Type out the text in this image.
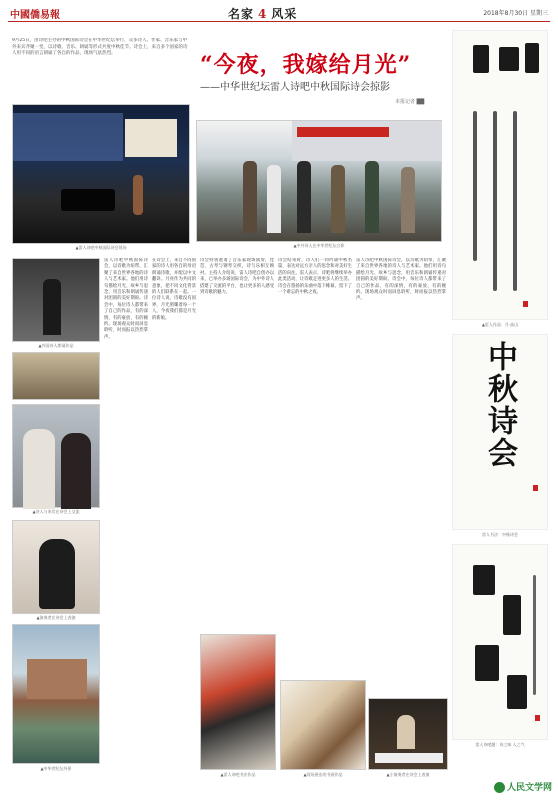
中國僑易報	名家 4 风采	2018年8月30日 星期三
9月25日，由诗吧主办的中秋国际诗会在中华世纪坛举行，众多诗人、作家、音乐家与中外来宾齐聚一堂，以诗歌、音乐、朗诵等形式共度中秋佳节。诗会上，来自多个国家的诗人用不同的语言朗诵了各自的作品，现场气氛热烈。	“今夜，我嫁给月光”
——中华世纪坛雷人诗吧中秋国际诗会掠影
本报记者 ██
▲雷人诗吧中秋国际诗会现场	▲中外诗人在中华世纪坛合影
▲雷人作品：月·高山
▲外国诗人朗诵作品
▲诗人与来宾在诗会上交流
▲演奏者在诗会上表演
▲中华世纪坛外景
雷人诗吧中秋国际诗会，以诗歌为纽带，汇聚了来自世界各地的诗人与艺术家。他们用诗句描绘月光、故乡与思念，用音乐和朗诵传递对团圆的美好期盼。诗会中，每位诗人都带来了自己的作品，有的深情，有的豪放，有的婉约。现场观众时而屏息聆听，时而报以热烈掌声。
在诗会上，来自不同国家的诗人用各自的母语朗诵诗歌，并配以中文翻译。月亮作为共同的意象，把不同文化背景的人们联系在一起。一位诗人说，诗歌没有国界，月光照耀着每一个人，今夜我们都是月光的新娘。
诗会特别邀请了音乐家现场演奏，琵琶、古琴与钢琴交织，诗与乐相互映衬。主持人介绍说，雷人诗吧自创办以来，已举办多场国际诗会，为中外诗人搭建了交流的平台，也让更多的人感受到诗歌的魅力。
诗会结束时，诗人们一同吟诵中秋名篇，表达对远方亲人的思念和对美好生活的向往。雷人表示，诗吧将继续举办此类活动，让诗歌走进更多人的生活。诗会在悠扬的乐曲中落下帷幕，留下了一个难忘的中秋之夜。
雷人诗吧中秋国际诗会，以诗歌为纽带，汇聚了来自世界各地的诗人与艺术家。他们用诗句描绘月光、故乡与思念，用音乐和朗诵传递对团圆的美好期盼。诗会中，每位诗人都带来了自己的作品，有的深情，有的豪放，有的婉约。现场观众时而屏息聆听，时而报以热烈掌声。
▲雷人诗吧书法作品	▲现场展出的书画作品	▲小演奏者在诗会上表演
中秋诗会
雷人书法：中秋诗会
雷人诗吧题：诗之味 人之气
人民文学网
